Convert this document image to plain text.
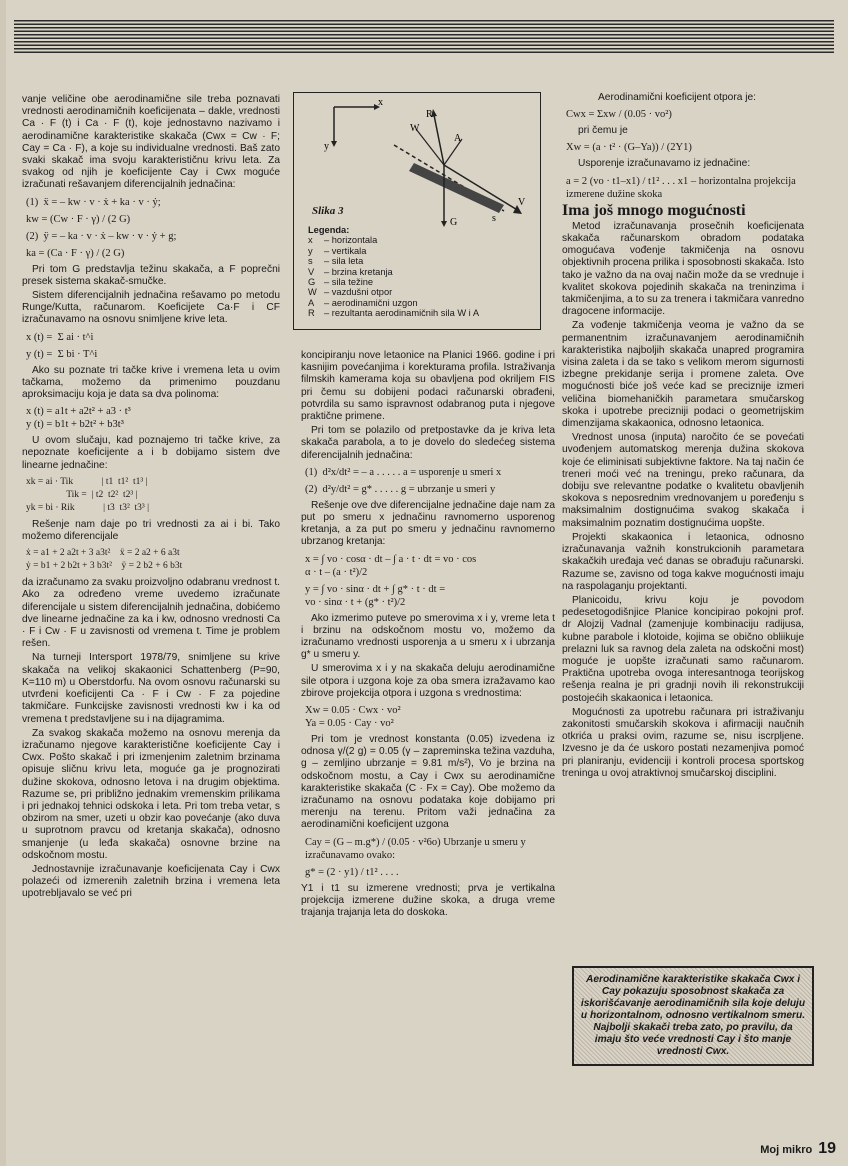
vanje veličine obe aerodinamične sile treba poznavati vrednosti aerodinamičnih koeficijenata – dakle, vrednosti Ca · F (t) i Ca · F (t), koje jednostavno nazivamo i aerodinamične karakteristike skakača (Cwx = Cw · F; Cay = Ca · F), a koje su individualne vrednosti. Baš zato svaki skakač ima svoju karakterističnu krivu leta. Za svakog od njih je koeficijente Cay i Cwx moguće izračunati rešavanjem diferencijalnih jednačina:

(1)  ẍ = – kw · v · ẋ + ka · v · ẏ;
kw = (Cw · F · γ) / (2 G)
(2)  ÿ = – ka · v · ẋ – kw · v · ẏ + g;
ka = (Ca · F · γ) / (2 G)

Pri tom G predstavlja težinu skakača, a F poprečni presek sistema skakač-smučke.

Sistem diferencijalnih jednačina rešavamo po metodu Runge/Kutta, računarom. Koeficijete Ca·F i CF izračunavamo na osnovu snimljene krive leta.

x (t) =  Σ ai · t^i
y (t) =  Σ bi · T^i

Ako su poznate tri tačke krive i vremena leta u ovim tačkama, možemo da primenimo pouzdanu aproksimaciju koja je data sa dva polinoma:

x (t) = a1t + a2t² + a3 · t³
y (t) = b1t + b2t² + b3t³

U ovom slučaju, kad poznajemo tri tačke krive, za nepoznate koeficijente a i b dobijamo sistem dve linearne jednačine:

xk = ai · Tik            | t1  t1²  t1³ |
Tik =  | t2  t2²  t2³ |
yk = bi · Rik            | t3  t3²  t3³ |

Rešenje nam daje po tri vrednosti za ai i bi. Tako možemo diferencijale

ẋ = a1 + 2 a2t + 3 a3t²    ẍ = 2 a2 + 6 a3t
ẏ = b1 + 2 b2t + 3 b3t²    ÿ = 2 b2 + 6 b3t

da izračunamo za svaku proizvoljno odabranu vrednost t. Ako za određeno vreme uvedemo izračunate diferencijale u sistem diferencijalnih jednačina, dobićemo dve linearne jednačine za ka i kw, odnosno vrednosti Ca · F i Cw · F u zavisnosti od vremena t. Time je problem rešen.

Na turneji Intersport 1978/79, snimljene su krive skakača na velikoj skakaonici Schattenberg (P=90, K=110 m) u Oberstdorfu. Na ovom osnovu računarski su utvrđeni koeficijenti Ca · F i Cw · F za pojedine takmičare. Funkcijske zavisnosti vrednosti kw i ka od vremena t predstavljene su i na dijagramima.

Za svakog skakača možemo na osnovu merenja da izračunamo njegove karakteristične koeficijente Cay i Cwx. Pošto skakač i pri izmenjenim zaletnim brzinama opisuje sličnu krivu leta, moguće ga je prognozirati dužine skokova, odnosno letova i na drugim objektima. Razume se, pri približno jednakim vremenskim prilikama i pri jednakoj tehnici odskoka i leta. Pri tom treba vetar, s obzirom na smer, uzeti u obzir kao povećanje (ako duva u suprotnom pravcu od kretanja skakača), odnosno smanjenje (u leđa skakača) osnovne brzine na odskočnom mostu.

Jednostavnije izračunavanje koeficijenata Cay i Cwx polazeći od izmerenih zaletnih brzina i vremena leta upotrebljavalo se već pri

x
y
W
R
A
V
G	s
Slika 3
Legenda:
x – horizontala
y – vertikala
s – sila leta
V – brzina kretanja
G – sila težine
W – vazdušni otpor
A – aerodinamični uzgon
R – rezultanta aerodinamičnih sila W i A

koncipiranju nove letaonice na Planici 1966. godine i pri kasnijim povećanjima i korekturama profila. Istraživanja filmskih kamerama koja su obavljena pod okriljem FIS pri čemu su dobijeni podaci računarski obrađeni, potvrdila su samo ispravnost odabranog puta i njegove praktične primene.

Pri tom se polazilo od pretpostavke da je kriva leta skakača parabola, a to je dovelo do sledećeg sistema diferencijalnih jednačina:

(1)  d²x/dt² = – a . . . . . a = usporenje u smeri x
(2)  d²y/dt² = g* . . . . . g = ubrzanje u smeri y

Rešenje ove dve diferencijalne jednačine daje nam za put po smeru x jednačinu ravnomerno usporenog kretanja, a za put po smeru y jednačinu ravnomerno ubrzanog kretanja:

x = ∫ vo · cosα · dt – ∫ a · t · dt = vo · cos
α · t – (a · t²)/2
y = ∫ vo · sinα · dt + ∫ g* · t · dt =
vo · sinα · t + (g* · t²)/2

Ako izmerimo puteve po smerovima x i y, vreme leta t i brzinu na odskočnom mostu vo, možemo da izračunamo vrednosti usporenja a u smeru x i ubrzanja g* u smeru y.

U smerovima x i y na skakača deluju aerodinamične sile otpora i uzgona koje za oba smera izražavamo kao zbirove projekcija otpora i uzgona s vrednostima:

Xw = 0.05 · Cwx · vo²
Ya = 0.05 · Cay · vo²

Pri tom je vrednost konstanta (0.05) izvedena iz odnosa γ/(2 g) = 0.05 (γ – zapreminska težina vazduha, g – zemljino ubrzanje = 9.81 m/s²), Vo je brzina na odskočnom mostu, a Cay i Cwx su aerodinamične karakteristike skakača (C · Fx = Cay). Obe možemo da izračunamo na osnovu podataka koje dobijamo pri merenju na terenu. Pritom važi jednačina za aerodinamični koeficijent uzgona

Cay = (G – m.g*) / (0.05 · v²6o) Ubrzanje u smeru y izračunavamo ovako:
g* = (2 · y1) / t1² . . . .

Y1 i t1 su izmerene vrednosti; prva je vertikalna projekcija izmerene dužine skoka, a druga vreme trajanja trajanja leta do doskoka.

Aerodinamični koeficijent otpora je:

Cwx = Σxw / (0.05 · vo²)

pri čemu je

Xw = (a · t² · (G–Ya)) / (2Y1)

Usporenje izračunavamo iz jednačine:

a = 2 (vo · t1–x1) / t1² . . . x1 – horizontalna projekcija izmerene dužine skoka
Ima još mnogo mogućnosti

Metod izračunavanja prosečnih koeficijenata skakača računarskom obradom podataka omogućava vođenje takmičenja na osnovu objektivnih procena prilika i sposobnosti skakača. Isto tako je važno da na ovaj način može da se vrednuje i kvalitet skokova pojedinih skakača na treninzima i takmičenjima, a to su za trenera i takmičara vanredno dragocene informacije.

Za vođenje takmičenja veoma je važno da se permanentnim izračunavanjem aerodinamičnih karakteristika najboljih skakača unapred programira visina zaleta i da se tako s velikom merom sigurnosti izbegne prekidanje serija i promene zaleta. Ove mogućnosti biće još veće kad se preciznije izmeri veličina biomehaničkih parametara smučarskog skoka i upotrebe precizniji podaci o geometrijskim dimenzijama skakaonica, odnosno letaonica.

Vrednost unosa (inputa) naročito će se povećati uvođenjem automatskog merenja dužina skokova koje će eliminisati subjektivne faktore. Na taj način će treneri moći već na treningu, preko računara, da dobiju sve relevantne podatke o kvalitetu obavljenih skokova s neposrednim vrednovanjem u poređenju s maksimalnim dostignućima svakog skakača i maksimalnim poznatim dostignućima uopšte.

Projekti skakaonica i letaonica, odnosno izračunavanja važnih konstrukcionih parametara skakačkih uređaja već danas se obrađuju računarski. Razume se, zavisno od toga kakve mogućnosti imaju na raspolaganju projektanti.

Planicoidu, krivu koju je povodom pedesetogodišnjice Planice koncipirao pokojni prof. dr Alojzij Vadnal (zamenjuje kombinaciju radijusa, kubne parabole i klotoide, kojima se obično obliikuje prelazni luk sa ravnog dela zaleta na odskočni most) moguće je uopšte izračunati samo računarom. Praktična upotreba ovoga interesantnoga teorijskog rešenja realna je pri gradnji novih ili rekonstrukciji postojećih skakaonica i letaonica.

Mogućnosti za upotrebu računara pri istraživanju zakonitosti smučarskih skokova i afirmaciji naučnih otkrića u praksi ovim, razume se, nisu iscrpljene. Izvesno je da će uskoro postati nezamenjiva pomoć pri planiranju, evidenciji i kontroli procesa sportskog treninga u ovoj atraktivnoj smučarskoj disciplini.

Aerodinamične karakteristike skakača Cwx i Cay pokazuju sposobnost skakača za iskorišćavanje aerodinamičnih sila koje deluju u horizontalnom, odnosno vertikalnom smeru. Najbolji skakači treba zato, po pravilu, da imaju što veće vrednosti Cay i što manje vrednosti Cwx.
Moj mikro 19
